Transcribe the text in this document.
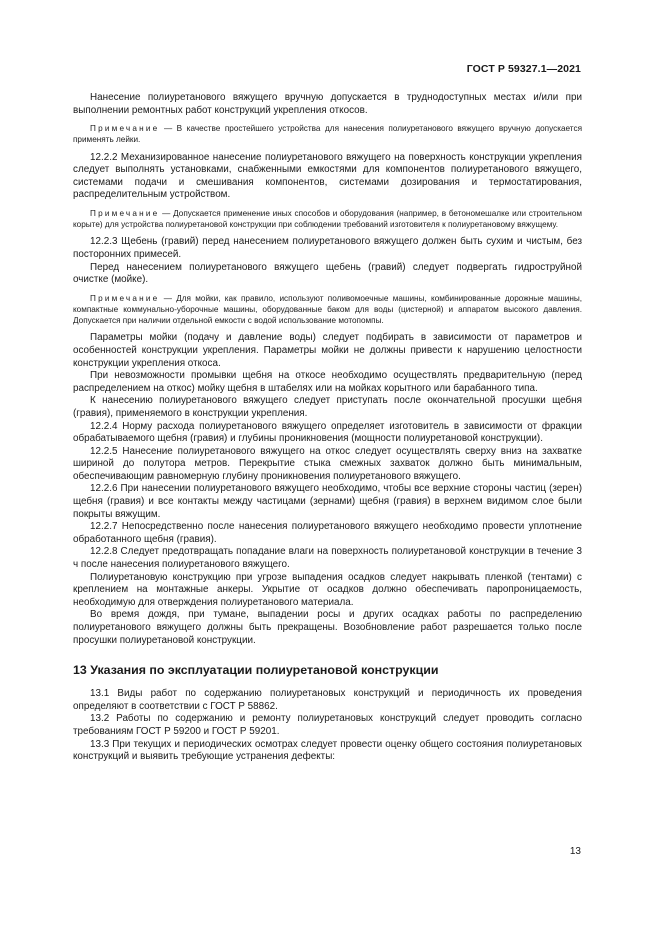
ГОСТ Р 59327.1—2021

Нанесение полиуретанового вяжущего вручную допускается в труднодоступных местах и/или при выполнении ремонтных работ конструкций укрепления откосов.

Примечание — В качестве простейшего устройства для нанесения полиуретанового вяжущего вручную допускается применять лейки.

12.2.2 Механизированное нанесение полиуретанового вяжущего на поверхность конструкции укрепления следует выполнять установками, снабженными емкостями для компонентов полиуретанового вяжущего, системами подачи и смешивания компонентов, системами дозирования и термостатирования, распределительным устройством.

Примечание — Допускается применение иных способов и оборудования (например, в бетономешалке или строительном корыте) для устройства полиуретановой конструкции при соблюдении требований изготовителя к полиуретановому вяжущему.

12.2.3 Щебень (гравий) перед нанесением полиуретанового вяжущего должен быть сухим и чистым, без посторонних примесей.

Перед нанесением полиуретанового вяжущего щебень (гравий) следует подвергать гидроструйной очистке (мойке).

Примечание — Для мойки, как правило, используют поливомоечные машины, комбинированные дорожные машины, компактные коммунально-уборочные машины, оборудованные баком для воды (цистерной) и аппаратом высокого давления. Допускается при наличии отдельной емкости с водой использование мотопомпы.

Параметры мойки (подачу и давление воды) следует подбирать в зависимости от параметров и особенностей конструкции укрепления. Параметры мойки не должны привести к нарушению целостности конструкции укрепления откоса.

При невозможности промывки щебня на откосе необходимо осуществлять предварительную (перед распределением на откос) мойку щебня в штабелях или на мойках корытного или барабанного типа.

К нанесению полиуретанового вяжущего следует приступать после окончательной просушки щебня (гравия), применяемого в конструкции укрепления.

12.2.4 Норму расхода полиуретанового вяжущего определяет изготовитель в зависимости от фракции обрабатываемого щебня (гравия) и глубины проникновения (мощности полиуретановой конструкции).

12.2.5 Нанесение полиуретанового вяжущего на откос следует осуществлять сверху вниз на захватке шириной до полутора метров. Перекрытие стыка смежных захваток должно быть минимальным, обеспечивающим равномерную глубину проникновения полиуретанового вяжущего.

12.2.6 При нанесении полиуретанового вяжущего необходимо, чтобы все верхние стороны частиц (зерен) щебня (гравия) и все контакты между частицами (зернами) щебня (гравия) в верхнем видимом слое были покрыты вяжущим.

12.2.7 Непосредственно после нанесения полиуретанового вяжущего необходимо провести уплотнение обработанного щебня (гравия).

12.2.8 Следует предотвращать попадание влаги на поверхность полиуретановой конструкции в течение 3 ч после нанесения полиуретанового вяжущего.

Полиуретановую конструкцию при угрозе выпадения осадков следует накрывать пленкой (тентами) с креплением на монтажные анкеры. Укрытие от осадков должно обеспечивать паропроницаемость, необходимую для отверждения полиуретанового материала.

Во время дождя, при тумане, выпадении росы и других осадках работы по распределению полиуретанового вяжущего должны быть прекращены. Возобновление работ разрешается только после просушки полиуретановой конструкции.

13 Указания по эксплуатации полиуретановой конструкции

13.1 Виды работ по содержанию полиуретановых конструкций и периодичность их проведения определяют в соответствии с ГОСТ Р 58862.

13.2 Работы по содержанию и ремонту полиуретановых конструкций следует проводить согласно требованиям ГОСТ Р 59200 и ГОСТ Р 59201.

13.3 При текущих и периодических осмотрах следует провести оценку общего состояния полиуретановых конструкций и выявить требующие устранения дефекты:

13
